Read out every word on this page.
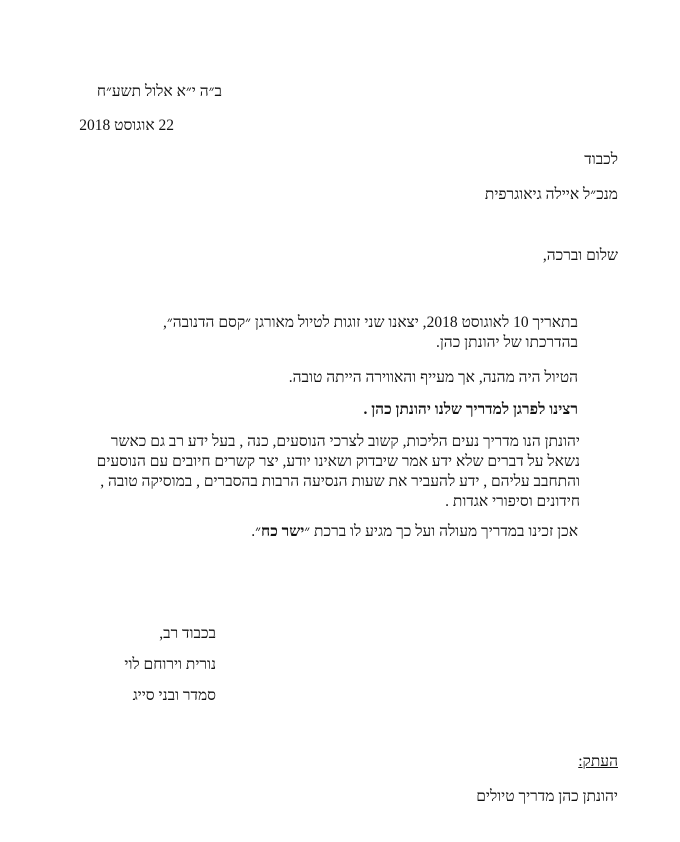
ב״ה י״א אלול תשע״ח
22 אוגוסט 2018
לכבוד
מנכ״ל איילה גיאוגרפית
שלום וברכה,
בתאריך 10 לאוגוסט 2018, יצאנו שני זוגות לטיול מאורגן ״קסם הדנובה״,
בהדרכתו של יהונתן כהן.
הטיול היה מהנה, אך מעייף והאווירה הייתה טובה.
רצינו לפרגן למדריך שלנו יהונתן כהן .
יהונתן הנו מדריך נעים הליכות, קשוב לצרכי הנוסעים, כנה , בעל ידע רב גם כאשר
נשאל על דברים שלא ידע אמר שיבדוק ושאינו יודע, יצר קשרים חיובים עם הנוסעים
והתחבב עליהם , ידע להעביר את שעות הנסיעה הרבות בהסברים , במוסיקה טובה ,
חידונים וסיפורי אגדות .
אכן זכינו במדריך מעולה ועל כך מגיע לו ברכת ״ישר כח״.
בכבוד רב,
נורית וירוחם לוי
סמדר ובני סייג
העתק:
יהונתן כהן מדריך טיולים
